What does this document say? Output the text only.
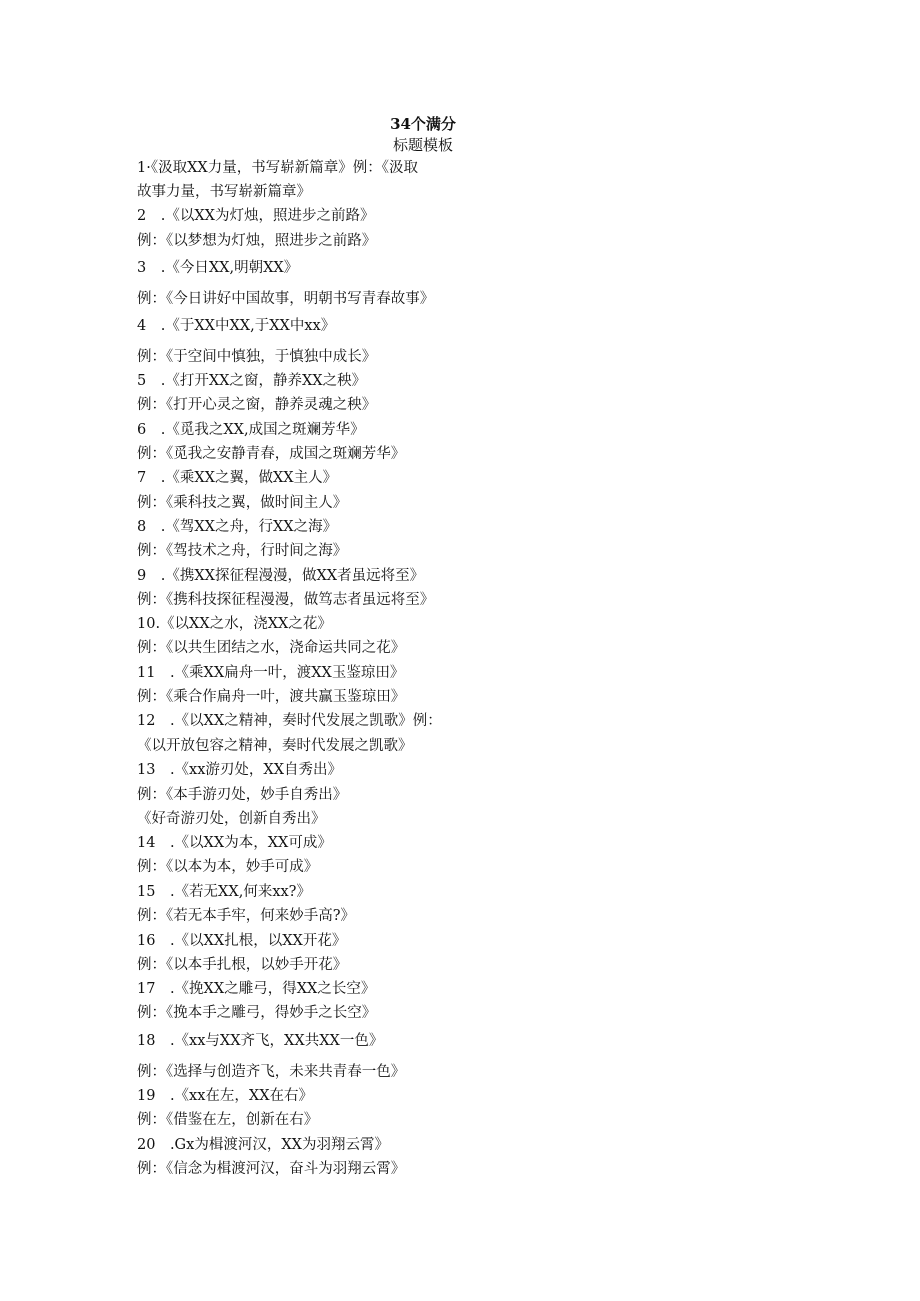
34个满分
标题模板
1·《汲取XX力量，书写崭新篇章》例：《汲取
故事力量，书写崭新篇章》
2　.《以XX为灯烛，照进步之前路》
例：《以梦想为灯烛，照进步之前路》
3　.《今日XX,明朝XX》
例：《今日讲好中国故事，明朝书写青春故事》
4　.《于XX中XX,于XX中xx》
例：《于空间中慎独，于慎独中成长》
5　.《打开XX之窗，静养XX之秧》
例：《打开心灵之窗，静养灵魂之秧》
6　.《觅我之XX,成国之斑斓芳华》
例：《觅我之安静青春，成国之斑斓芳华》
7　.《乘XX之翼，做XX主人》
例：《乘科技之翼，做时间主人》
8　.《驾XX之舟，行XX之海》
例：《驾技术之舟，行时间之海》
9　.《携XX探征程漫漫，做XX者虽远将至》
例：《携科技探征程漫漫，做笃志者虽远将至》
10.《以XX之水，浇XX之花》
例：《以共生团结之水，浇命运共同之花》
11　.《乘XX扁舟一叶，渡XX玉鉴琼田》
例：《乘合作扁舟一叶，渡共赢玉鉴琼田》
12　.《以XX之精神，奏时代发展之凯歌》例：
《以开放包容之精神，奏时代发展之凯歌》
13　.《xx游刃处，XX自秀出》
例：《本手游刃处，妙手自秀出》
《好奇游刃处，创新自秀出》
14　.《以XX为本，XX可成》
例：《以本为本，妙手可成》
15　.《若无XX,何来xx?》
例：《若无本手牢，何来妙手高?》
16　.《以XX扎根，以XX开花》
例：《以本手扎根，以妙手开花》
17　.《挽XX之雕弓，得XX之长空》
例：《挽本手之雕弓，得妙手之长空》
18　.《xx与XX齐飞，XX共XX一色》
例：《选择与创造齐飞，未来共青春一色》
19　.《xx在左，XX在右》
例：《借鉴在左，创新在右》
20　.Gx为楫渡河汉，XX为羽翔云霄》
例：《信念为楫渡河汉，奋斗为羽翔云霄》
